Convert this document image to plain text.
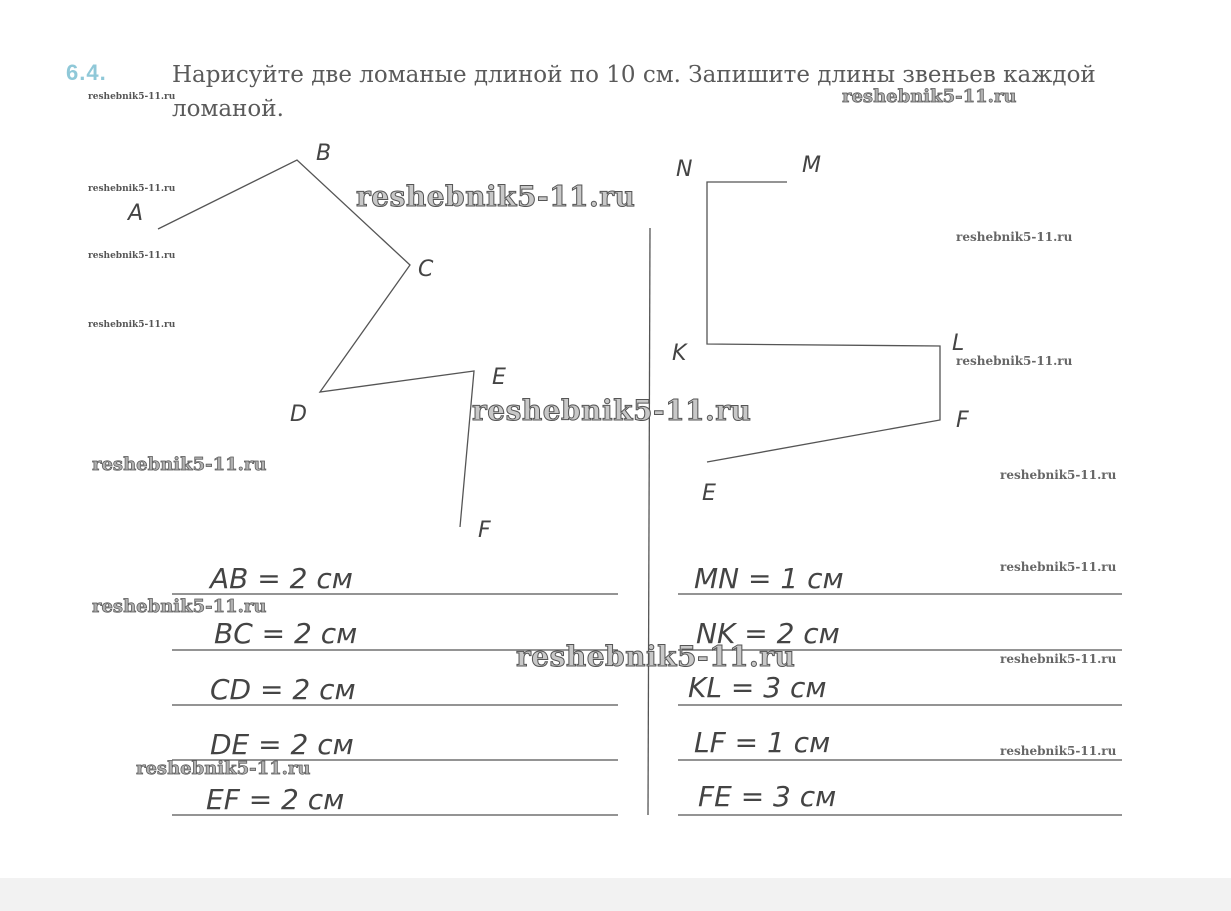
6.4.	Нарисуйте две ломаные длиной по 10 см. Запишите длины звеньев каждой ломаной.
A
B
C
D
E
F
M
N
K	L
F
E
AB = 2 см
BC = 2 см
CD = 2 см
DE = 2 см
EF = 2 см
MN = 1 см
NK = 2 см
KL = 3 см
LF = 1 см
FE = 3 см
reshebnik5-11.ru	reshebnik5-11.ru
reshebnik5-11.ru	reshebnik5-11.ru
reshebnik5-11.ru
reshebnik5-11.ru
reshebnik5-11.ru
reshebnik5-11.ru
reshebnik5-11.ru
reshebnik5-11.ru	reshebnik5-11.ru
reshebnik5-11.ru
reshebnik5-11.ru
reshebnik5-11.ru	reshebnik5-11.ru
reshebnik5-11.ru
reshebnik5-11.ru
